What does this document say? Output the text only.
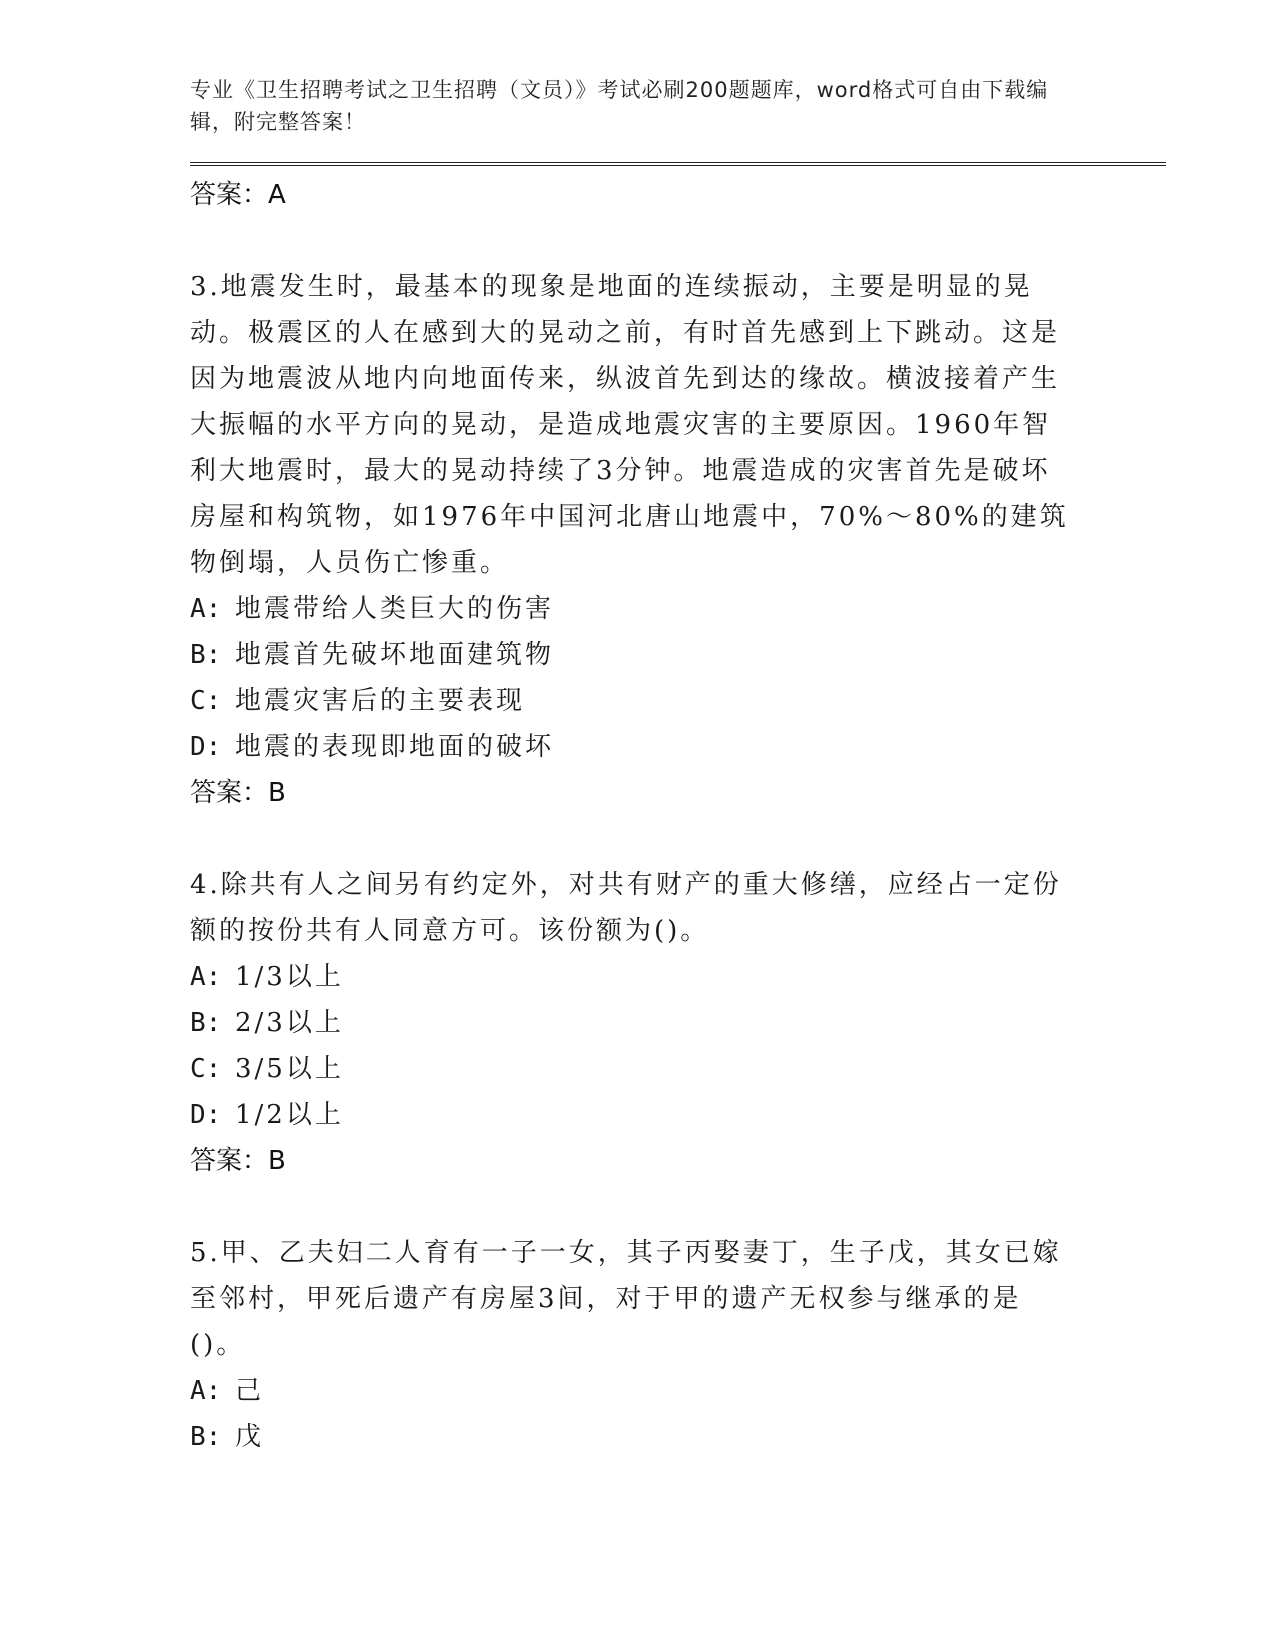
专业《卫生招聘考试之卫生招聘（文员）》考试必刷200题题库，word格式可自由下载编辑，附完整答案！
答案：A
3.地震发生时，最基本的现象是地面的连续振动，主要是明显的晃动。极震区的人在感到大的晃动之前，有时首先感到上下跳动。这是因为地震波从地内向地面传来，纵波首先到达的缘故。横波接着产生大振幅的水平方向的晃动，是造成地震灾害的主要原因。1960年智利大地震时，最大的晃动持续了3分钟。地震造成的灾害首先是破坏房屋和构筑物，如1976年中国河北唐山地震中，70%～80%的建筑物倒塌，人员伤亡惨重。
A: 地震带给人类巨大的伤害
B: 地震首先破坏地面建筑物
C: 地震灾害后的主要表现
D: 地震的表现即地面的破坏
答案：B
4.除共有人之间另有约定外，对共有财产的重大修缮，应经占一定份额的按份共有人同意方可。该份额为()。
A: 1/3以上
B: 2/3以上
C: 3/5以上
D: 1/2以上
答案：B
5.甲、乙夫妇二人育有一子一女，其子丙娶妻丁，生子戊，其女已嫁至邻村，甲死后遗产有房屋3间，对于甲的遗产无权参与继承的是()。
A: 己
B: 戊
